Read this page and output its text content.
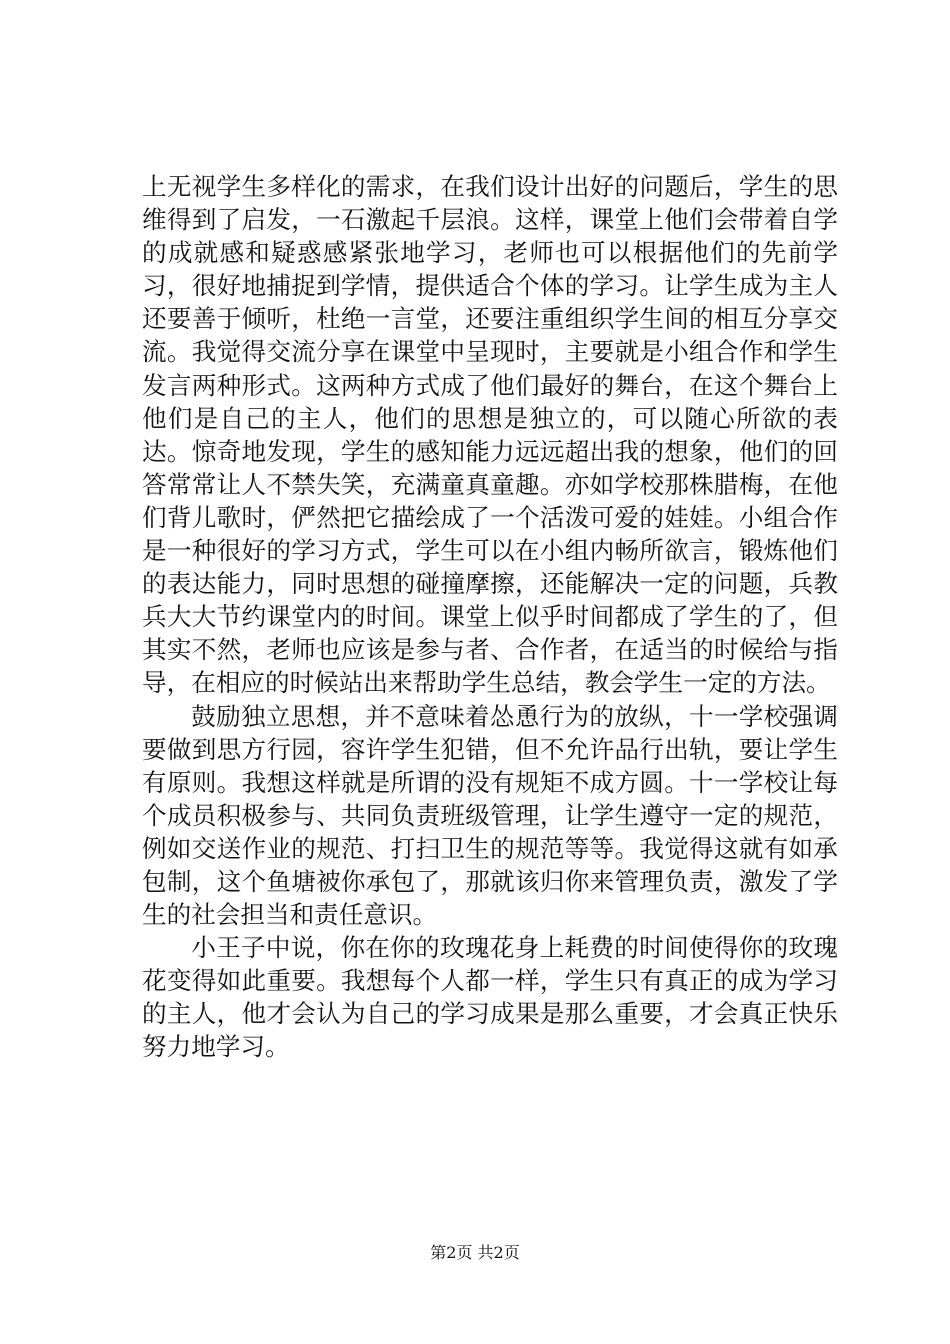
上无视学生多样化的需求，在我们设计出好的问题后，学生的思维得到了启发，一石激起千层浪。这样，课堂上他们会带着自学的成就感和疑惑感紧张地学习，老师也可以根据他们的先前学习，很好地捕捉到学情，提供适合个体的学习。让学生成为主人还要善于倾听，杜绝一言堂，还要注重组织学生间的相互分享交流。我觉得交流分享在课堂中呈现时，主要就是小组合作和学生发言两种形式。这两种方式成了他们最好的舞台，在这个舞台上他们是自己的主人，他们的思想是独立的，可以随心所欲的表达。惊奇地发现，学生的感知能力远远超出我的想象，他们的回答常常让人不禁失笑，充满童真童趣。亦如学校那株腊梅，在他们背儿歌时，俨然把它描绘成了一个活泼可爱的娃娃。小组合作是一种很好的学习方式，学生可以在小组内畅所欲言，锻炼他们的表达能力，同时思想的碰撞摩擦，还能解决一定的问题，兵教兵大大节约课堂内的时间。课堂上似乎时间都成了学生的了，但其实不然，老师也应该是参与者、合作者，在适当的时候给与指导，在相应的时候站出来帮助学生总结，教会学生一定的方法。

鼓励独立思想，并不意味着怂恿行为的放纵，十一学校强调要做到思方行园，容许学生犯错，但不允许品行出轨，要让学生有原则。我想这样就是所谓的没有规矩不成方圆。十一学校让每个成员积极参与、共同负责班级管理，让学生遵守一定的规范，例如交送作业的规范、打扫卫生的规范等等。我觉得这就有如承包制，这个鱼塘被你承包了，那就该归你来管理负责，激发了学生的社会担当和责任意识。

小王子中说，你在你的玫瑰花身上耗费的时间使得你的玫瑰花变得如此重要。我想每个人都一样，学生只有真正的成为学习的主人，他才会认为自己的学习成果是那么重要，才会真正快乐努力地学习。

第2页 共2页
